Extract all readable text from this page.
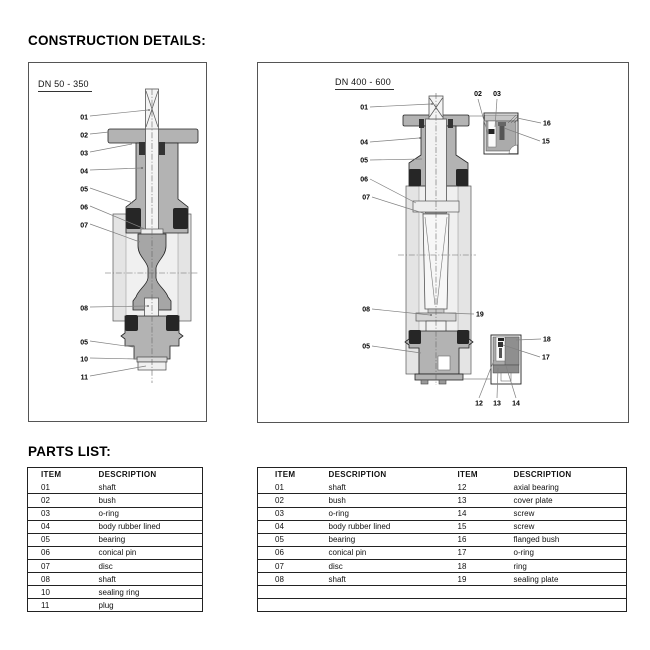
CONSTRUCTION DETAILS:
DN 50 - 350
01
02
03
04
05
06
07
08
05
10
11
DN 400 - 600
01
04
05
06
07
08
05
02 03
16
15
19
18
17
12 13 14
PARTS LIST:
ITEM	DESCRIPTION
01	shaft
02	bush
03	o-ring
04	body rubber lined
05	bearing
06	conical pin
07	disc
08	shaft
10	sealing ring
11	plug
ITEM	DESCRIPTION	ITEM	DESCRIPTION
01	shaft	12	axial bearing
02	bush	13	cover plate
03	o-ring	14	screw
04	body rubber lined	15	screw
05	bearing	16	flanged bush
06	conical pin	17	o-ring
07	disc	18	ring
08	shaft	19	sealing plate
